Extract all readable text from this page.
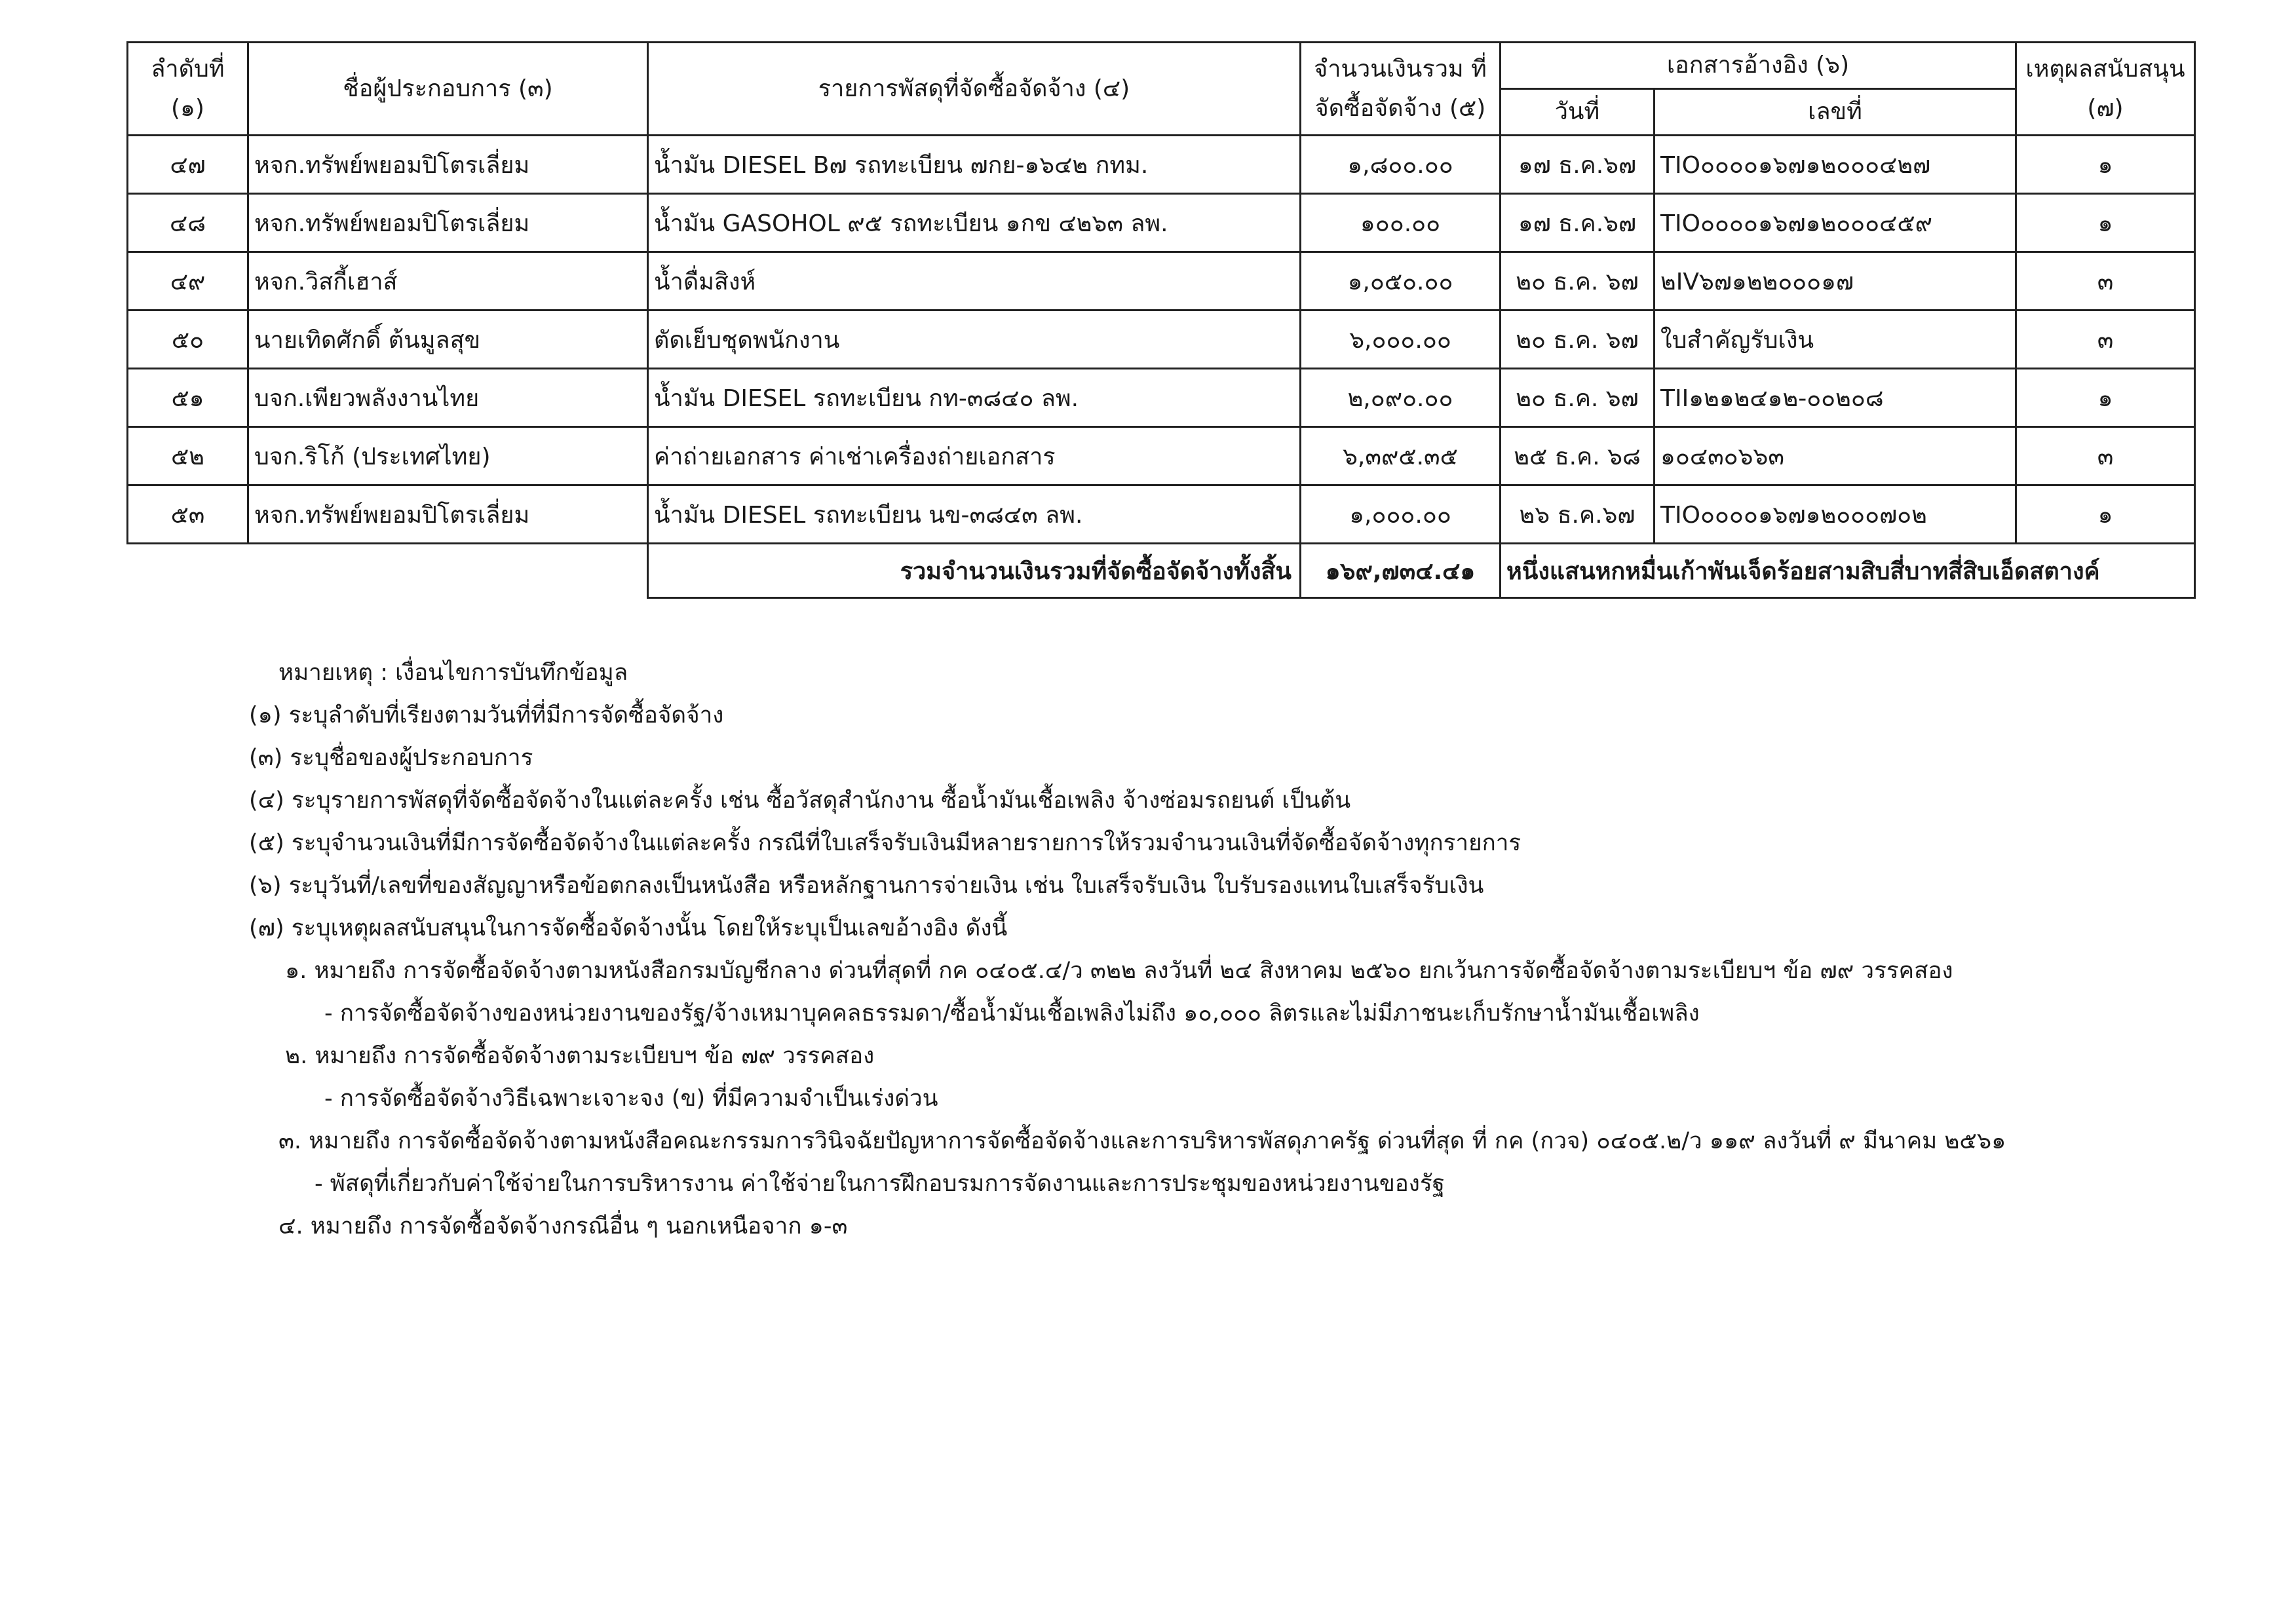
ลำดับที่ (๑)	ชื่อผู้ประกอบการ (๓)	รายการพัสดุที่จัดซื้อจัดจ้าง (๔)	จำนวนเงินรวม ที่จัดซื้อจัดจ้าง (๕)	เอกสารอ้างอิง (๖)		เหตุผลสนับสนุน (๗)
				วันที่	เลขที่	
๔๗	หจก.ทรัพย์พยอมปิโตรเลี่ยม	น้ำมัน DIESEL B๗ รถทะเบียน ๗กย-๑๖๔๒ กทม.	๑,๘๐๐.๐๐	๑๗ ธ.ค.๖๗	TIO๐๐๐๐๑๖๗๑๒๐๐๐๔๒๗	๑
๔๘	หจก.ทรัพย์พยอมปิโตรเลี่ยม	น้ำมัน GASOHOL ๙๕ รถทะเบียน ๑กข ๔๒๖๓ ลพ.	๑๐๐.๐๐	๑๗ ธ.ค.๖๗	TIO๐๐๐๐๑๖๗๑๒๐๐๐๔๕๙	๑
๔๙	หจก.วิสกี้เฮาส์	น้ำดื่มสิงห์	๑,๐๕๐.๐๐	๒๐ ธ.ค. ๖๗	๒IV๖๗๑๒๒๐๐๐๑๗	๓
๕๐	นายเทิดศักดิ์ ต้นมูลสุข	ตัดเย็บชุดพนักงาน	๖,๐๐๐.๐๐	๒๐ ธ.ค. ๖๗	ใบสำคัญรับเงิน	๓
๕๑	บจก.เพียวพลังงานไทย	น้ำมัน DIESEL รถทะเบียน กท-๓๘๔๐ ลพ.	๒,๐๙๐.๐๐	๒๐ ธ.ค. ๖๗	TII๑๒๑๒๔๑๒-๐๐๒๐๘	๑
๕๒	บจก.ริโก้ (ประเทศไทย)	ค่าถ่ายเอกสาร ค่าเช่าเครื่องถ่ายเอกสาร	๖,๓๙๕.๓๕	๒๕ ธ.ค. ๖๘	๑๐๔๓๐๖๖๓	๓
๕๓	หจก.ทรัพย์พยอมปิโตรเลี่ยม	น้ำมัน DIESEL รถทะเบียน นข-๓๘๔๓ ลพ.	๑,๐๐๐.๐๐	๒๖ ธ.ค.๖๗	TIO๐๐๐๐๑๖๗๑๒๐๐๐๗๐๒	๑
		รวมจำนวนเงินรวมที่จัดซื้อจัดจ้างทั้งสิ้น	๑๖๙,๗๓๔.๔๑	หนึ่งแสนหกหมื่นเก้าพันเจ็ดร้อยสามสิบสี่บาทสี่สิบเอ็ดสตางค์		
หมายเหตุ : เงื่อนไขการบันทึกข้อมูล
(๑) ระบุลำดับที่เรียงตามวันที่ที่มีการจัดซื้อจัดจ้าง
(๓) ระบุชื่อของผู้ประกอบการ
(๔) ระบุรายการพัสดุที่จัดซื้อจัดจ้างในแต่ละครั้ง เช่น ซื้อวัสดุสำนักงาน ซื้อน้ำมันเชื้อเพลิง จ้างซ่อมรถยนต์ เป็นต้น
(๕) ระบุจำนวนเงินที่มีการจัดซื้อจัดจ้างในแต่ละครั้ง กรณีที่ใบเสร็จรับเงินมีหลายรายการให้รวมจำนวนเงินที่จัดซื้อจัดจ้างทุกรายการ
(๖) ระบุวันที่/เลขที่ของสัญญาหรือข้อตกลงเป็นหนังสือ หรือหลักฐานการจ่ายเงิน เช่น ใบเสร็จรับเงิน ใบรับรองแทนใบเสร็จรับเงิน
(๗) ระบุเหตุผลสนับสนุนในการจัดซื้อจัดจ้างนั้น โดยให้ระบุเป็นเลขอ้างอิง ดังนี้
๑. หมายถึง การจัดซื้อจัดจ้างตามหนังสือกรมบัญชีกลาง ด่วนที่สุดที่ กค ๐๔๐๕.๔/ว ๓๒๒ ลงวันที่ ๒๔ สิงหาคม ๒๕๖๐ ยกเว้นการจัดซื้อจัดจ้างตามระเบียบฯ ข้อ ๗๙ วรรคสอง
- การจัดซื้อจัดจ้างของหน่วยงานของรัฐ/จ้างเหมาบุคคลธรรมดา/ซื้อน้ำมันเชื้อเพลิงไม่ถึง ๑๐,๐๐๐ ลิตรและไม่มีภาชนะเก็บรักษาน้ำมันเชื้อเพลิง
๒. หมายถึง การจัดซื้อจัดจ้างตามระเบียบฯ ข้อ ๗๙ วรรคสอง
- การจัดซื้อจัดจ้างวิธีเฉพาะเจาะจง (ข) ที่มีความจำเป็นเร่งด่วน
๓. หมายถึง การจัดซื้อจัดจ้างตามหนังสือคณะกรรมการวินิจฉัยปัญหาการจัดซื้อจัดจ้างและการบริหารพัสดุภาครัฐ ด่วนที่สุด ที่ กค (กวจ) ๐๔๐๕.๒/ว ๑๑๙ ลงวันที่ ๙ มีนาคม ๒๕๖๑
- พัสดุที่เกี่ยวกับค่าใช้จ่ายในการบริหารงาน ค่าใช้จ่ายในการฝึกอบรมการจัดงานและการประชุมของหน่วยงานของรัฐ
๔. หมายถึง การจัดซื้อจัดจ้างกรณีอื่น ๆ นอกเหนือจาก ๑-๓
